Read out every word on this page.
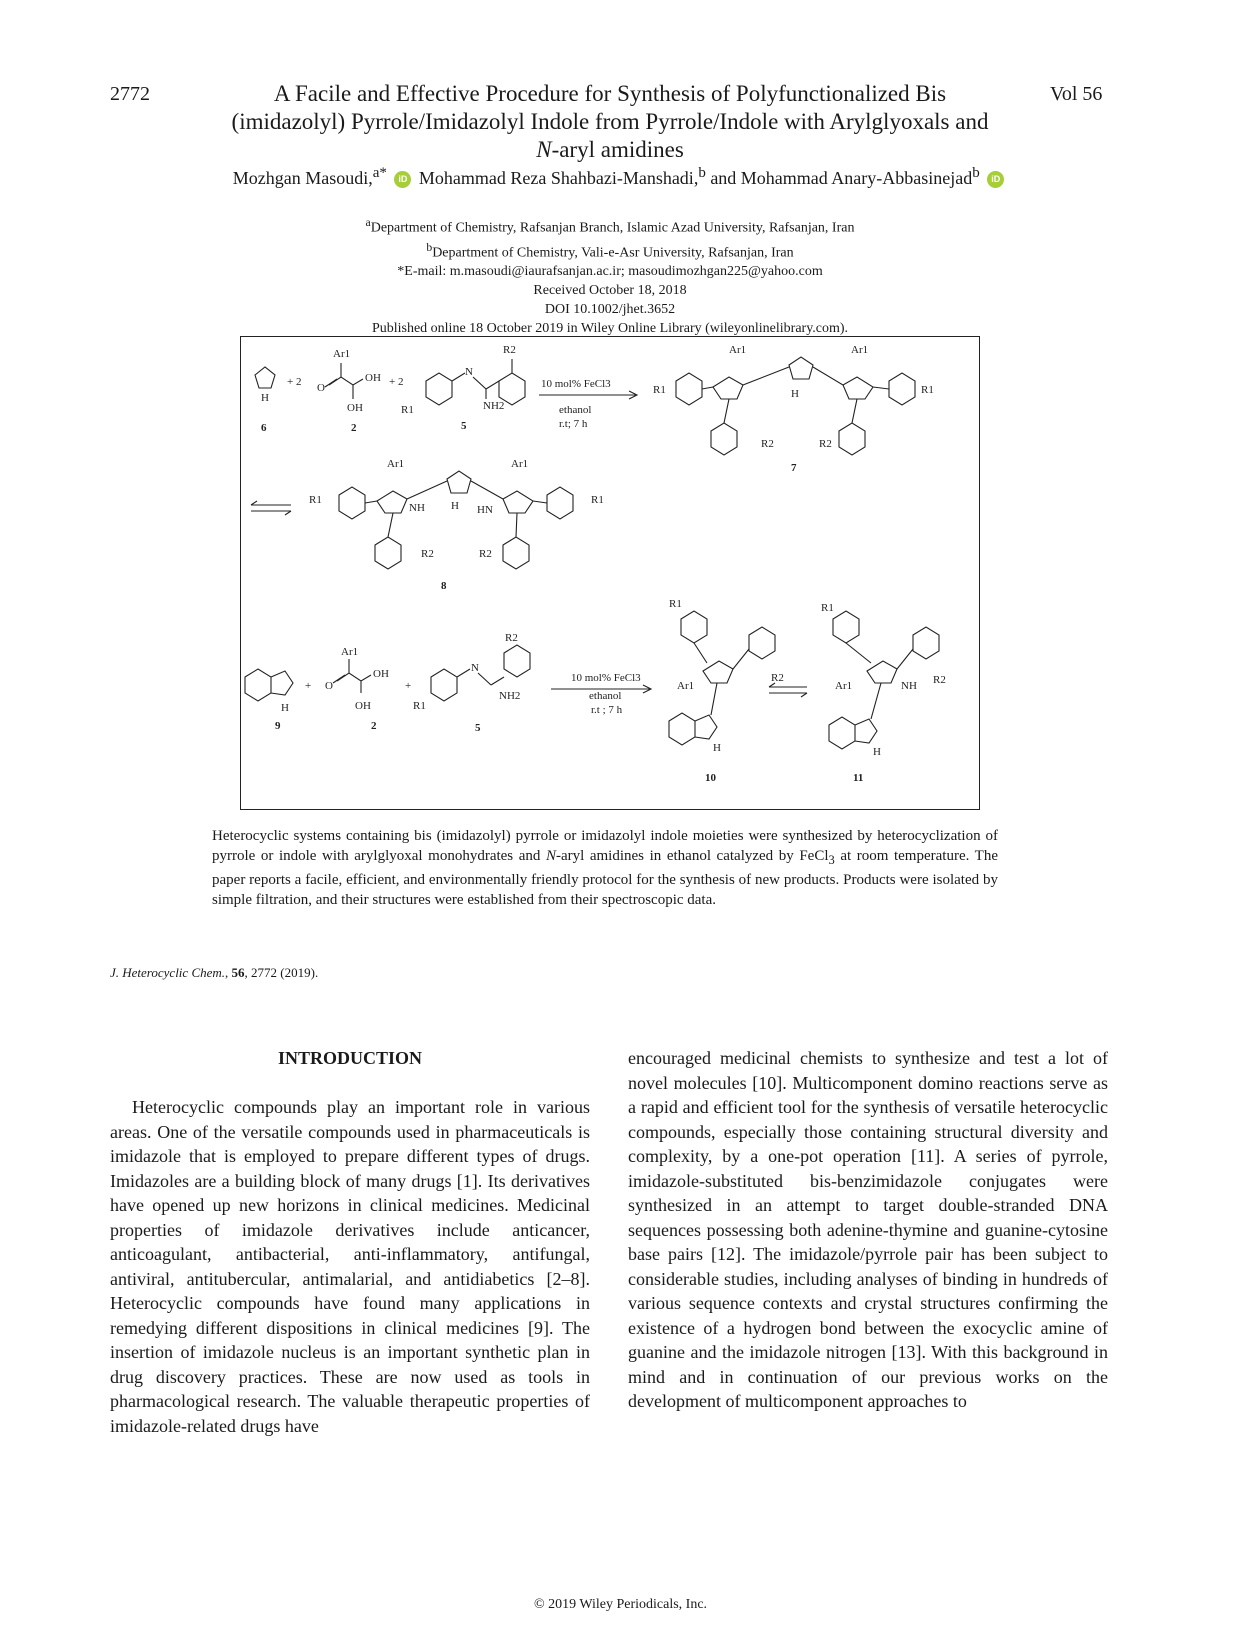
2772	Vol 56
A Facile and Effective Procedure for Synthesis of Polyfunctionalized Bis (imidazolyl) Pyrrole/Imidazolyl Indole from Pyrrole/Indole with Arylglyoxals and N-aryl amidines
Mozhgan Masoudi,$^{a*}$ iD Mohammad Reza Shahbazi-Manshadi,$^b$ and Mohammad Anary-Abbasinejad$^b$ iD
$^a$Department of Chemistry, Rafsanjan Branch, Islamic Azad University, Rafsanjan, Iran
$^b$Department of Chemistry, Vali-e-Asr University, Rafsanjan, Iran
*E-mail: m.masoudi@iaurafsanjan.ac.ir; masoudimozhgan225@yahoo.com
Received October 18, 2018
DOI 10.1002/jhet.3652
Published online 18 October 2019 in Wiley Online Library (wileyonlinelibrary.com).
H
+ 2 O
Ar1
OH
OH
+ 2
R1
N
NH2
R2
10 mol% FeCl3
ethanol
r.t; 7 h
6	2	5
R1
Ar1	Ar1
H	R1
R2	R2
7
R1
Ar1
NH H HN
Ar1
R1
R2	R2
8
H
+
9
O
Ar1
OH
OH
2
+
R1
N
NH2
R2
5
10 mol% FeCl3
ethanol
r.t ; 7 h
R1
Ar1
R2
H
10
R1
Ar1	NH R2
H
11
Heterocyclic systems containing bis (imidazolyl) pyrrole or imidazolyl indole moieties were synthesized by heterocyclization of pyrrole or indole with arylglyoxal monohydrates and N-aryl amidines in ethanol catalyzed by FeCl$_3$ at room temperature. The paper reports a facile, efficient, and environmentally friendly protocol for the synthesis of new products. Products were isolated by simple filtration, and their structures were established from their spectroscopic data.
J. Heterocyclic Chem., 56, 2772 (2019).
INTRODUCTION
Heterocyclic compounds play an important role in various areas. One of the versatile compounds used in pharmaceuticals is imidazole that is employed to prepare different types of drugs. Imidazoles are a building block of many drugs [1]. Its derivatives have opened up new horizons in clinical medicines. Medicinal properties of imidazole derivatives include anticancer, anticoagulant, antibacterial, anti-inflammatory, antifungal, antiviral, antitubercular, antimalarial, and antidiabetics [2–8]. Heterocyclic compounds have found many applications in remedying different dispositions in clinical medicines [9]. The insertion of imidazole nucleus is an important synthetic plan in drug discovery practices. These are now used as tools in pharmacological research. The valuable therapeutic properties of imidazole-related drugs have
encouraged medicinal chemists to synthesize and test a lot of novel molecules [10]. Multicomponent domino reactions serve as a rapid and efficient tool for the synthesis of versatile heterocyclic compounds, especially those containing structural diversity and complexity, by a one-pot operation [11]. A series of pyrrole, imidazole-substituted bis-benzimidazole conjugates were synthesized in an attempt to target double-stranded DNA sequences possessing both adenine-thymine and guanine-cytosine base pairs [12]. The imidazole/pyrrole pair has been subject to considerable studies, including analyses of binding in hundreds of various sequence contexts and crystal structures confirming the existence of a hydrogen bond between the exocyclic amine of guanine and the imidazole nitrogen [13]. With this background in mind and in continuation of our previous works on the development of multicomponent approaches to
© 2019 Wiley Periodicals, Inc.
